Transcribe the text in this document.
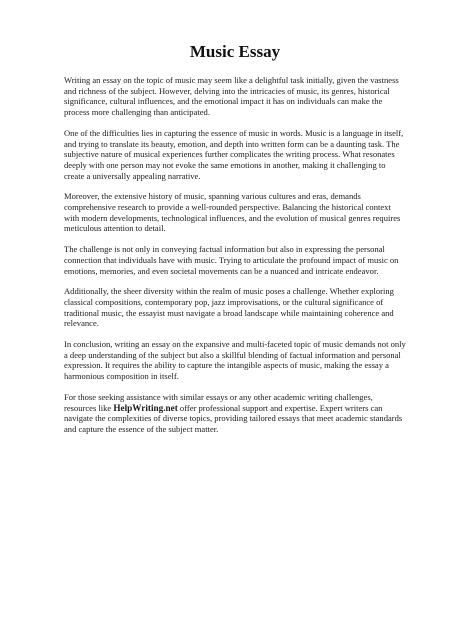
Music Essay

Writing an essay on the topic of music may seem like a delightful task initially, given the vastness and richness of the subject. However, delving into the intricacies of music, its genres, historical significance, cultural influences, and the emotional impact it has on individuals can make the process more challenging than anticipated.

One of the difficulties lies in capturing the essence of music in words. Music is a language in itself, and trying to translate its beauty, emotion, and depth into written form can be a daunting task. The subjective nature of musical experiences further complicates the writing process. What resonates deeply with one person may not evoke the same emotions in another, making it challenging to create a universally appealing narrative.

Moreover, the extensive history of music, spanning various cultures and eras, demands comprehensive research to provide a well-rounded perspective. Balancing the historical context with modern developments, technological influences, and the evolution of musical genres requires meticulous attention to detail.

The challenge is not only in conveying factual information but also in expressing the personal connection that individuals have with music. Trying to articulate the profound impact of music on emotions, memories, and even societal movements can be a nuanced and intricate endeavor.

Additionally, the sheer diversity within the realm of music poses a challenge. Whether exploring classical compositions, contemporary pop, jazz improvisations, or the cultural significance of traditional music, the essayist must navigate a broad landscape while maintaining coherence and relevance.

In conclusion, writing an essay on the expansive and multi-faceted topic of music demands not only a deep understanding of the subject but also a skillful blending of factual information and personal expression. It requires the ability to capture the intangible aspects of music, making the essay a harmonious composition in itself.

For those seeking assistance with similar essays or any other academic writing challenges, resources like HelpWriting.net offer professional support and expertise. Expert writers can navigate the complexities of diverse topics, providing tailored essays that meet academic standards and capture the essence of the subject matter.
